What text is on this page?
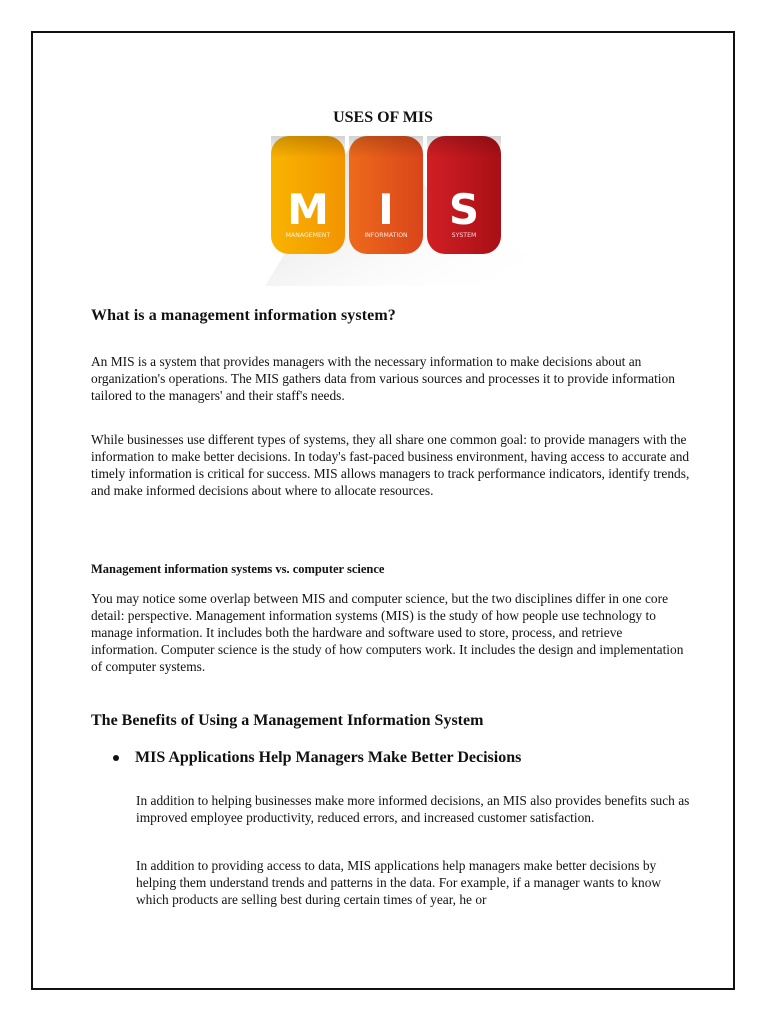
USES OF MIS
M I S
MANAGEMENT	INFORMATION	SYSTEM
What is a management information system?

An MIS is a system that provides managers with the necessary information to make decisions about an organization's operations. The MIS gathers data from various sources and processes it to provide information tailored to the managers' and their staff's needs.

While businesses use different types of systems, they all share one common goal: to provide managers with the information to make better decisions. In today's fast-paced business environment, having access to accurate and timely information is critical for success. MIS allows managers to track performance indicators, identify trends, and make informed decisions about where to allocate resources.

Management information systems vs. computer science

You may notice some overlap between MIS and computer science, but the two disciplines differ in one core detail: perspective. Management information systems (MIS) is the study of how people use technology to manage information. It includes both the hardware and software used to store, process, and retrieve information. Computer science is the study of how computers work. It includes the design and implementation of computer systems.

The Benefits of Using a Management Information System
MIS Applications Help Managers Make Better Decisions

In addition to helping businesses make more informed decisions, an MIS also provides benefits such as improved employee productivity, reduced errors, and increased customer satisfaction.

In addition to providing access to data, MIS applications help managers make better decisions by helping them understand trends and patterns in the data. For example, if a manager wants to know which products are selling best during certain times of year, he or
